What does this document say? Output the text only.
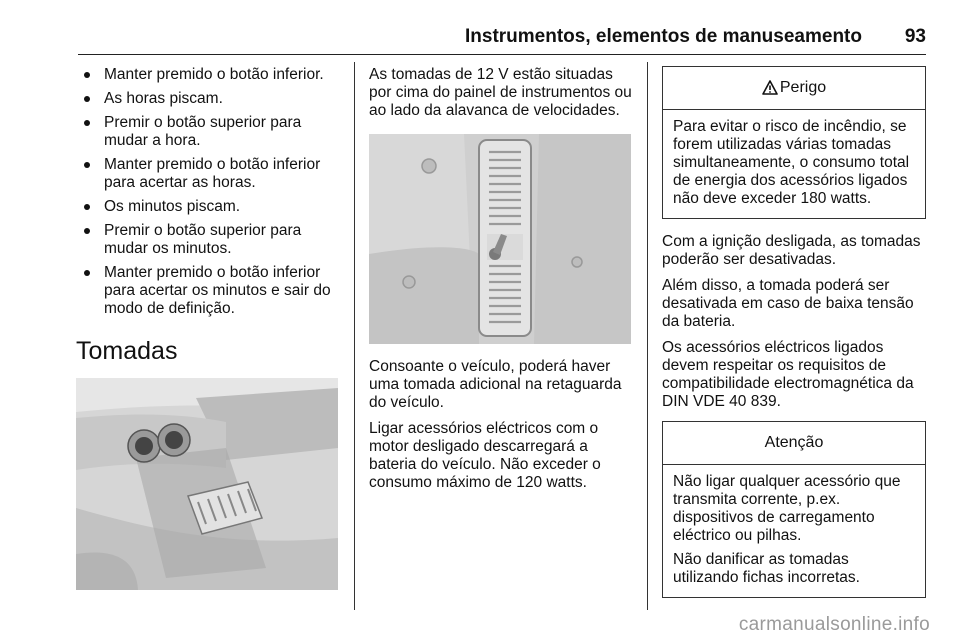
Instrumentos, elementos de manuseamento 93
Manter premido o botão inferior.
As horas piscam.
Premir o botão superior para mudar a hora.
Manter premido o botão inferior para acertar as horas.
Os minutos piscam.
Premir o botão superior para mudar os minutos.
Manter premido o botão inferior para acertar os minutos e sair do modo de definição.
Tomadas

As tomadas de 12 V estão situadas por cima do painel de instrumentos ou ao lado da alavanca de velocidades.

Consoante o veículo, poderá haver uma tomada adicional na retaguarda do veículo.

Ligar acessórios eléctricos com o motor desligado descarregará a bateria do veículo. Não exceder o consumo máximo de 120 watts.

Perigo

Para evitar o risco de incêndio, se forem utilizadas várias tomadas simultaneamente, o consumo total de energia dos acessórios ligados não deve exceder 180 watts.

Com a ignição desligada, as tomadas poderão ser desativadas.

Além disso, a tomada poderá ser desativada em caso de baixa tensão da bateria.

Os acessórios eléctricos ligados devem respeitar os requisitos de compatibilidade electromagnética da DIN VDE 40 839.

Atenção

Não ligar qualquer acessório que transmita corrente, p.ex. dispositivos de carregamento eléctrico ou pilhas.

Não danificar as tomadas utilizando fichas incorretas.

carmanualsonline.info
